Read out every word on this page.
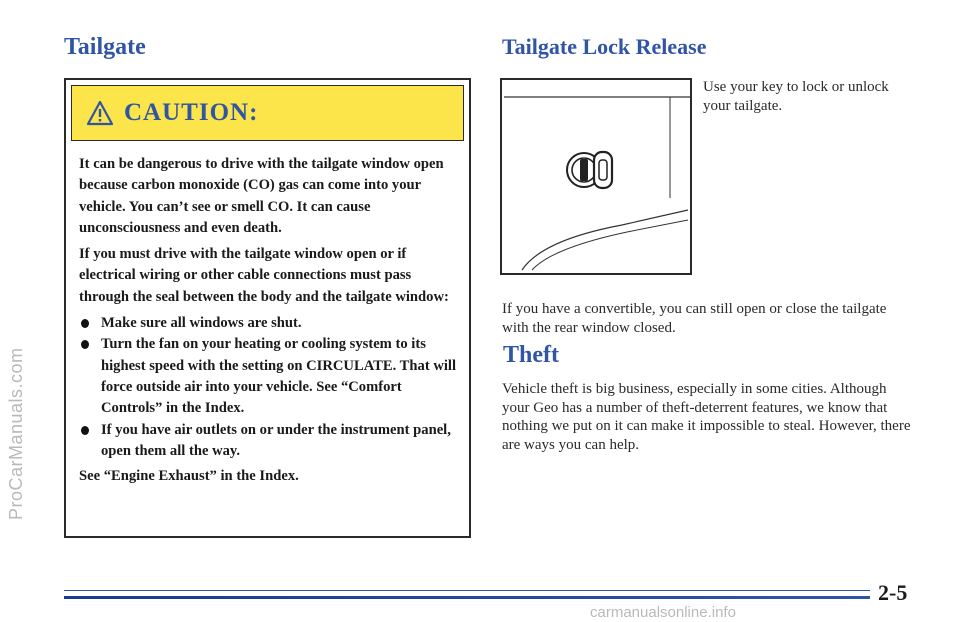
ProCarManuals.com
Tailgate
CAUTION:

It can be dangerous to drive with the tailgate window open because carbon monoxide (CO) gas can come into your vehicle. You can’t see or smell CO. It can cause unconsciousness and even death.

If you must drive with the tailgate window open or if electrical wiring or other cable connections must pass through the seal between the body and the tailgate window:

Make sure all windows are shut.
Turn the fan on your heating or cooling system to its highest speed with the setting on CIRCULATE. That will force outside air into your vehicle. See “Comfort Controls” in the Index.
If you have air outlets on or under the instrument panel, open them all the way.

See “Engine Exhaust” in the Index.

Tailgate Lock Release
Use your key to lock or unlock your tailgate.
If you have a convertible, you can still open or close the tailgate with the rear window closed.
Theft
Vehicle theft is big business, especially in some cities. Although your Geo has a number of theft-deterrent features, we know that nothing we put on it can make it impossible to steal. However, there are ways you can help.
2-5
carmanualsonline.info
